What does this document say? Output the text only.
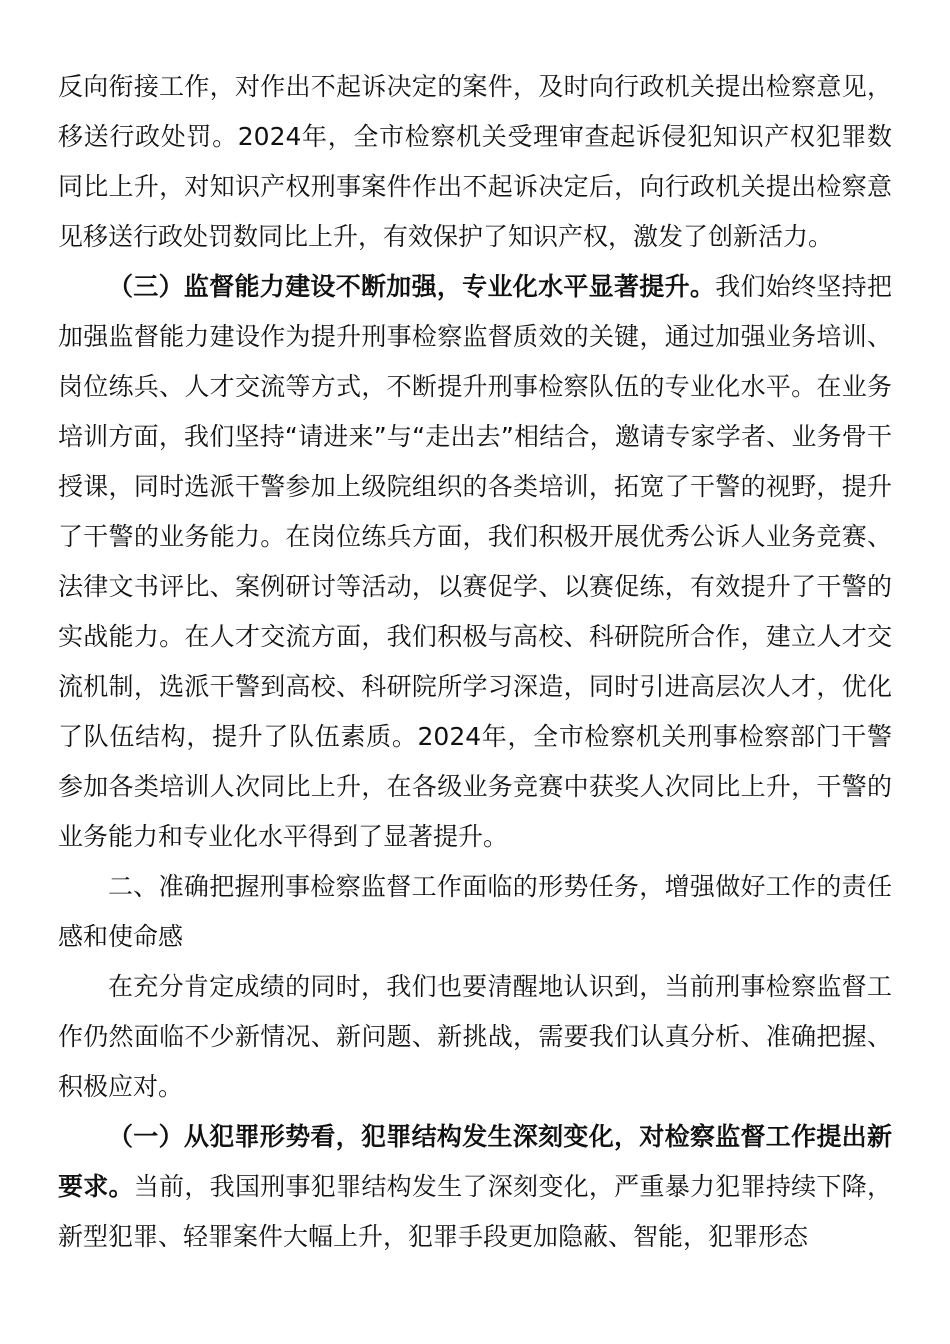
反向衔接工作，对作出不起诉决定的案件，及时向行政机关提出检察意见，移送行政处罚。2024年，全市检察机关受理审查起诉侵犯知识产权犯罪数同比上升，对知识产权刑事案件作出不起诉决定后，向行政机关提出检察意见移送行政处罚数同比上升，有效保护了知识产权，激发了创新活力。

（三）监督能力建设不断加强，专业化水平显著提升。我们始终坚持把加强监督能力建设作为提升刑事检察监督质效的关键，通过加强业务培训、岗位练兵、人才交流等方式，不断提升刑事检察队伍的专业化水平。在业务培训方面，我们坚持“请进来”与“走出去”相结合，邀请专家学者、业务骨干授课，同时选派干警参加上级院组织的各类培训，拓宽了干警的视野，提升了干警的业务能力。在岗位练兵方面，我们积极开展优秀公诉人业务竞赛、法律文书评比、案例研讨等活动，以赛促学、以赛促练，有效提升了干警的实战能力。在人才交流方面，我们积极与高校、科研院所合作，建立人才交流机制，选派干警到高校、科研院所学习深造，同时引进高层次人才，优化了队伍结构，提升了队伍素质。2024年，全市检察机关刑事检察部门干警参加各类培训人次同比上升，在各级业务竞赛中获奖人次同比上升，干警的业务能力和专业化水平得到了显著提升。

二、准确把握刑事检察监督工作面临的形势任务，增强做好工作的责任感和使命感

在充分肯定成绩的同时，我们也要清醒地认识到，当前刑事检察监督工作仍然面临不少新情况、新问题、新挑战，需要我们认真分析、准确把握、积极应对。

（一）从犯罪形势看，犯罪结构发生深刻变化，对检察监督工作提出新要求。当前，我国刑事犯罪结构发生了深刻变化，严重暴力犯罪持续下降，新型犯罪、轻罪案件大幅上升，犯罪手段更加隐蔽、智能，犯罪形态
